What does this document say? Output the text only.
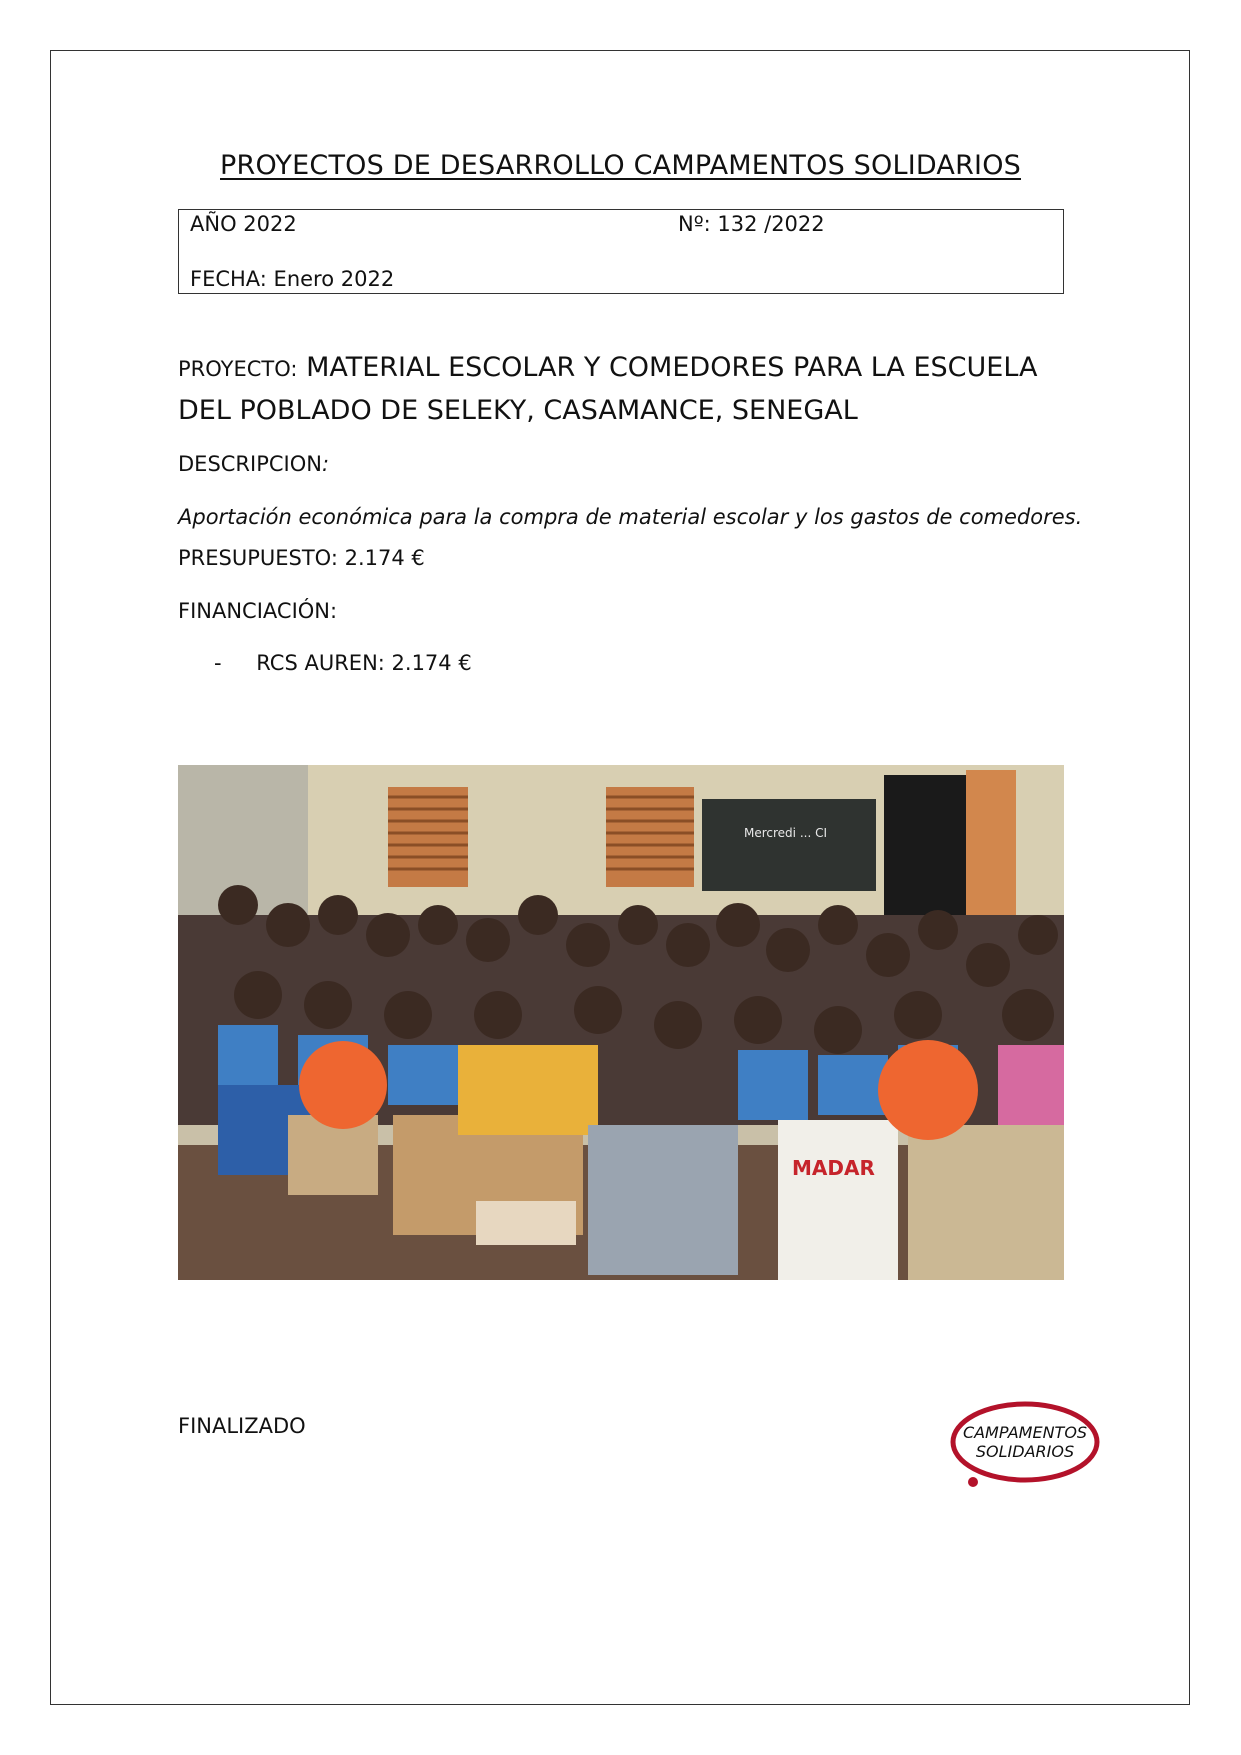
PROYECTOS DE DESARROLLO CAMPAMENTOS SOLIDARIOS
AÑO 2022	Nº: 132 /2022
FECHA: Enero 2022
PROYECTO: MATERIAL ESCOLAR Y COMEDORES PARA LA ESCUELA
DEL POBLADO DE SELEKY, CASAMANCE, SENEGAL
DESCRIPCION:
Aportación económica para la compra de material escolar y los gastos de comedores.
PRESUPUESTO: 2.174 €
FINANCIACIÓN:
- RCS AUREN: 2.174 €
Mercredi ... CI
MADAR
FINALIZADO	CAMPAMENTOS
SOLIDARIOS
